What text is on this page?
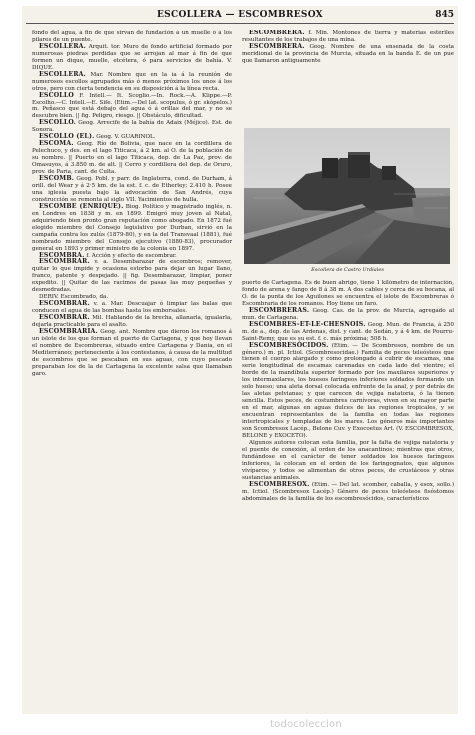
ESCOLLERA — ESCOMBRESOX	845

fondo del agua, á fin de que sirvan de fundación á un muelle ó á los pilares de un puente.

ESCOLLERA. Arquit. tor. Muro de fondo artificial formado por numerosas piedras perdidas que se arrojan al mar á fin de que formen un dique, muelle, etcétera, ó para servicios de bahía. V. DIQUE.

ESCOLLERA. Mar. Nombre que en la ia á la reunión de numerosos escollos agrupados más ó menos próximos los unos á los otros, pero con cierta tendencia en su disposición á la línea recta.

ESCOLLO F. Intell.— It. Scoglio.—In. Rock.—A. Klippe.—P. Escolho.—C. Intell.—E. Sife. (Etim.—Del lat. scopulus, ó gr. skópelos.) m. Peñasco que está debajo del agua ó á orillas del mar, y no se descubre bien. || fig. Peligro, riesgo. || Obstáculo, dificultad.

ESCOLLO. Geog. Arrecife de la bahía de Adaix (Méjico). Est. de Sonora.

ESCOLLO (EL). Geog. V. GUARINOL.

ESCOMA. Geog. Río de Bolivia, que nace en la cordillera de Pelechuco, y des. en el lago Titicaca, á 2 km. al O. de la población de su nombre. || Puerto en el lago Titicaca, dep. de La Paz, prov. de Omasuyos, á 3.850 m. de alt. || Cerro y cordillera del dep. de Oruro, prov. de Paria, cant. de Culta.

ESCOMB. Geog. Pobl. y parr. de Inglaterra, cond. de Durham, á orill. del Wear y á 2·5 km. de la est. f. c. de Etherley; 2.410 h. Posee una iglesia puesta bajo la advocación de San Andrés, cuya construcción se remonta al siglo VII. Yacimientos de hulla.

ESCOMBE (ENRIQUE). Biog. Político y magistrado inglés, n. en Londres en 1838 y m. en 1899. Emigró muy joven al Natal, adquiriendo bien pronto gran reputación como abogado. En 1872 fué elegido miembro del Consejo legislativo por Durban, sirvió en la campaña contra los zulús (1879-80), y en la del Transvaal (1881), fué nombrado miembro del Consejo ejecutivo (1880-83), procurador general en 1893 y primer ministro de la colonia en 1897.

ESCOMBRA. f. Acción y efecto de escombrar.

ESCOMBRAR. v. a. Desembarazar de escombros; remover, quitar lo que impide y ocasiona estorbo para dejar un lugar llano, franco, patente y despejado. || fig. Desembarazar, limpiar, poner expedito. || Quitar de las racimos de pasas las muy pequeñas y desmedradas.

DERIV. Escombrado, da.

ESCOMBRAR. v. a. Mar. Descuajar ó limpiar las balas que conducen el agua de las bombas hasta los emborsales.

ESCOMBRAR. Mil. Hablando de la brecha, allanarla, igualarla, dejarla practicable para el asalto.

ESCOMBRARIA. Geog. ant. Nombre que dieron los romanos á un islote de los que forman el puerto de Cartagena, y que hoy llevan el nombre de Escombreras, situado entre Cartagena y Dania, en el Mediterráneo; perteneciente á los contestanos, á causa de la multitud de escombros que se pescaban en sus aguas, con cuyo pescado preparaban los de la de Cartagena la excelente salsa que llamaban garo.

ESCOMBRERA. f. Min. Montones de tierra y materias estériles resultantes de los trabajos de una mina.

ESCOMBRERA. Geog. Nombre de una ensenada de la costa meridional de la provincia de Murcia, situada en la banda E. de un pue que llamaron antiguamente

Escollera de Castro Urdiales

puerto de Cartagena. Es de buen abrigo, tiene 1 kilómetro de internación, fondo de arena y fango de 8 á 38 m. A dos cables y cerca de su bocana, al O. de la punta de los Aguilones se encuentra el islote de Escombreras ó Escombraria de los romanos. Hoy tiene un faro.

ESCOMBRERAS. Geog. Cas. de la prov. de Murcia, agregado al mun. de Cartagena.

ESCOMBRES-ET-LE-CHESNOIS. Geog. Mun. de Francia, á 250 m. de a., dep. de las Ardenas, dist. y cant. de Sedán, y á 4 km. de Pourru-Saint-Remy, que es su est. f. c. más próxima; 508 h.

ESCOMBRESÓCIDOS. (Etim. — De Scombresox, nombre de un género.) m. pl. Ictiol. (Scombresocidae.) Familia de peces teleósteos que tienen el cuerpo alargado y como prolongado á cubrir de escamas, una serie longitudinal de escamas carenadas en cada lado del vientre; el borde de la mandíbula superior formado por los maxilares superiores y los intermaxilares, los huesos faríngeos inferiores soldados formando un solo hueso; una aleta dorsal colocada enfrente de la anal, y por detrás de las aletas pelvianas; y que carecen de vejiga natatoria, ó la tienen sencilla. Estos peces, de costumbres carnívoras, viven en su mayor parte en el mar, algunas en aguas dulces de las regiones tropicales, y se encuentran representantes de la familia en todas las regiones intertropicales y templadas de los mares. Los géneros más importantes son Scombresox Lacép., Belone Cuv. y Exocoetus Art. (V. ESCOMBRESOX, BELONE y EXOCETO).

Algunos autores colocan esta familia, por la falta de vejiga natatoria y el puente de conexión, al orden de los anacantinos; mientras que otros, fundándose en el carácter de tener soldados los huesos faríngeos inferiores, la colocan en el orden de los faringognatos, que algunos vivíparos; y todos se alimentan de otros peces, de crustáceos y otras sustancias animales.

ESCOMBRESOX. (Etim. — Del lat. scomber, caballa, y esox, sollo.) m. Ictiol. (Scombresox Lacép.) Género de peces teleósteos fisóstomos abdominales de la familia de los escombresócidos, característicos

todocoleccion
